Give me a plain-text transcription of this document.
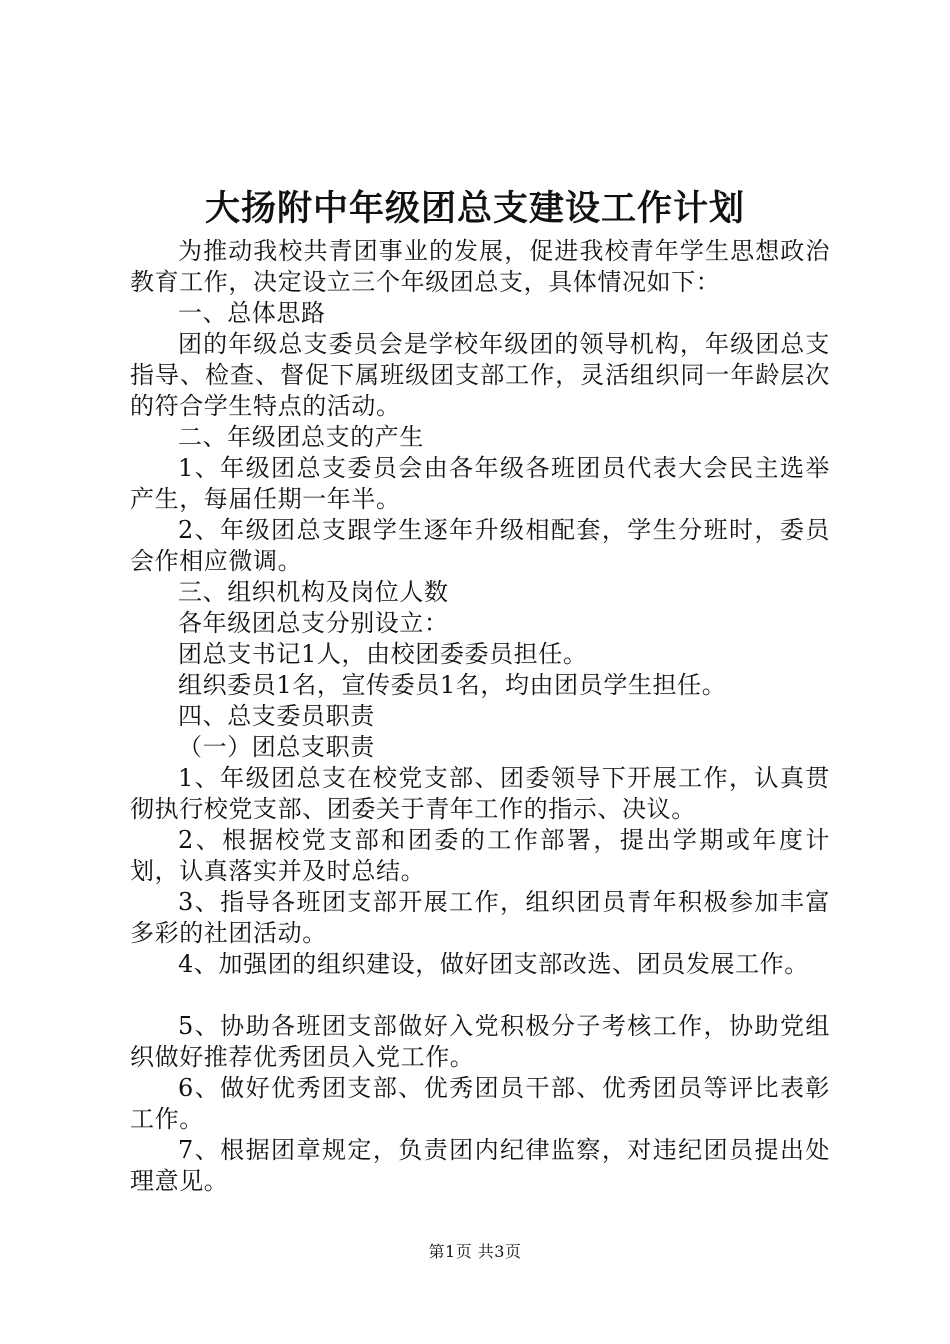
大扬附中年级团总支建设工作计划

为推动我校共青团事业的发展，促进我校青年学生思想政治教育工作，决定设立三个年级团总支，具体情况如下：

一、总体思路

团的年级总支委员会是学校年级团的领导机构，年级团总支指导、检查、督促下属班级团支部工作，灵活组织同一年龄层次的符合学生特点的活动。

二、年级团总支的产生

1、年级团总支委员会由各年级各班团员代表大会民主选举产生，每届任期一年半。

2、年级团总支跟学生逐年升级相配套，学生分班时，委员会作相应微调。

三、组织机构及岗位人数

各年级团总支分别设立：

团总支书记1人，由校团委委员担任。

组织委员1名，宣传委员1名，均由团员学生担任。

四、总支委员职责

（一）团总支职责

1、年级团总支在校党支部、团委领导下开展工作，认真贯彻执行校党支部、团委关于青年工作的指示、决议。

2、根据校党支部和团委的工作部署，提出学期或年度计划，认真落实并及时总结。

3、指导各班团支部开展工作，组织团员青年积极参加丰富多彩的社团活动。

4、加强团的组织建设，做好团支部改选、团员发展工作。

5、协助各班团支部做好入党积极分子考核工作，协助党组织做好推荐优秀团员入党工作。

6、做好优秀团支部、优秀团员干部、优秀团员等评比表彰工作。

7、根据团章规定，负责团内纪律监察，对违纪团员提出处理意见。

第1页 共3页
